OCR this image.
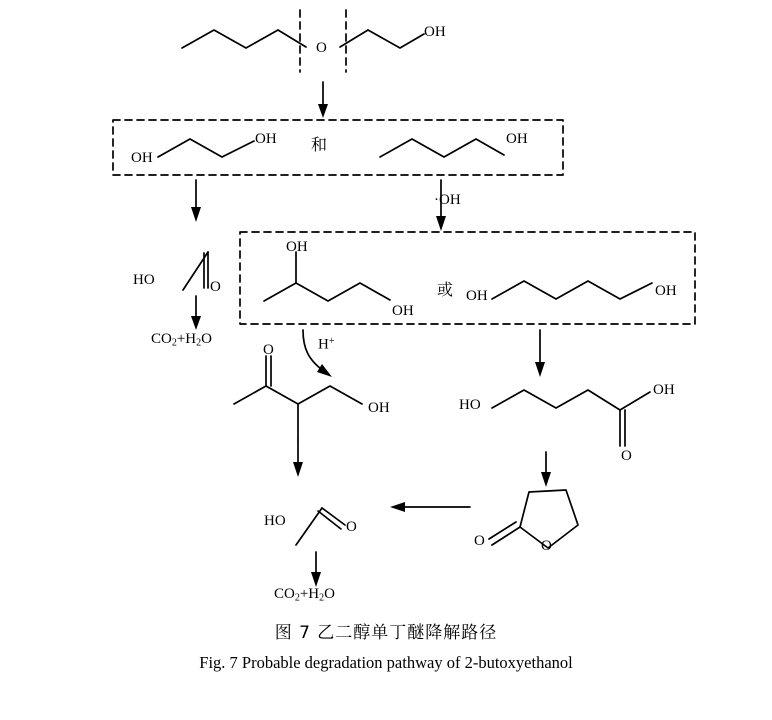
OH
O
OH
OH 和	OH
·OH
OH
OH
或 OH	OH
HO	O
$CO_2+H_2O$	H+
O
OH	HO
OH
O
HO	O
O
O
$CO_2+H_2O$
图 7 乙二醇单丁醚降解路径
Fig. 7 Probable degradation pathway of 2-butoxyethanol
